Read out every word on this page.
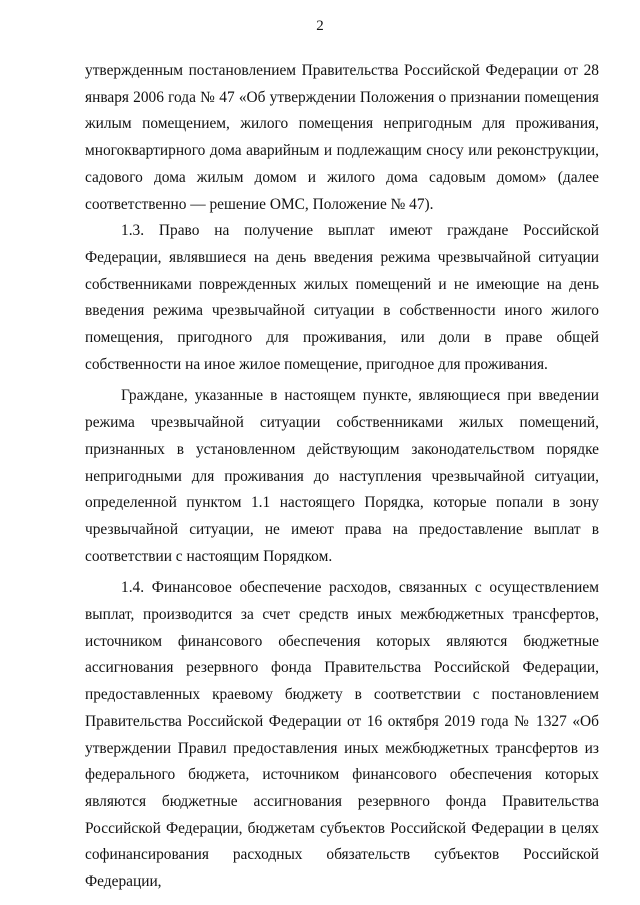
2

утвержденным постановлением Правительства Российской Федерации от 28 января 2006 года № 47 «Об утверждении Положения о признании помещения жилым помещением, жилого помещения непригодным для проживания, многоквартирного дома аварийным и подлежащим сносу или реконструкции, садового дома жилым домом и жилого дома садовым домом» (далее соответственно — решение ОМС, Положение № 47).

1.3. Право на получение выплат имеют граждане Российской Федерации, являвшиеся на день введения режима чрезвычайной ситуации собственниками поврежденных жилых помещений и не имеющие на день введения режима чрезвычайной ситуации в собственности иного жилого помещения, пригодного для проживания, или доли в праве общей собственности на иное жилое помещение, пригодное для проживания.

Граждане, указанные в настоящем пункте, являющиеся при введении режима чрезвычайной ситуации собственниками жилых помещений, признанных в установленном действующим законодательством порядке непригодными для проживания до наступления чрезвычайной ситуации, определенной пунктом 1.1 настоящего Порядка, которые попали в зону чрезвычайной ситуации, не имеют права на предоставление выплат в соответствии с настоящим Порядком.

1.4. Финансовое обеспечение расходов, связанных с осуществлением выплат, производится за счет средств иных межбюджетных трансфертов, источником финансового обеспечения которых являются бюджетные ассигнования резервного фонда Правительства Российской Федерации, предоставленных краевому бюджету в соответствии с постановлением Правительства Российской Федерации от 16 октября 2019 года № 1327 «Об утверждении Правил предоставления иных межбюджетных трансфертов из федерального бюджета, источником финансового обеспечения которых являются бюджетные ассигнования резервного фонда Правительства Российской Федерации, бюджетам субъектов Российской Федерации в целях софинансирования расходных обязательств субъектов Российской Федерации,
